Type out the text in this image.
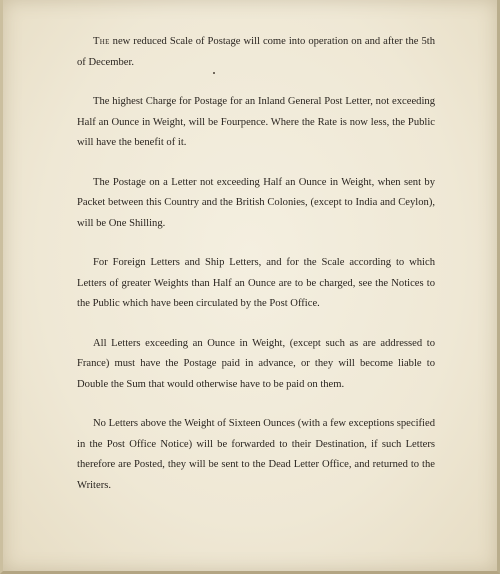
The new reduced Scale of Postage will come into operation on and after the 5th of December.

The highest Charge for Postage for an Inland General Post Letter, not exceeding Half an Ounce in Weight, will be Fourpence. Where the Rate is now less, the Public will have the benefit of it.

The Postage on a Letter not exceeding Half an Ounce in Weight, when sent by Packet between this Country and the British Colonies, (except to India and Ceylon), will be One Shilling.

For Foreign Letters and Ship Letters, and for the Scale according to which Letters of greater Weights than Half an Ounce are to be charged, see the Notices to the Public which have been circulated by the Post Office.

All Letters exceeding an Ounce in Weight, (except such as are addressed to France) must have the Postage paid in advance, or they will become liable to Double the Sum that would otherwise have to be paid on them.

No Letters above the Weight of Sixteen Ounces (with a few exceptions specified in the Post Office Notice) will be forwarded to their Destination, if such Letters therefore are Posted, they will be sent to the Dead Letter Office, and returned to the Writers.
